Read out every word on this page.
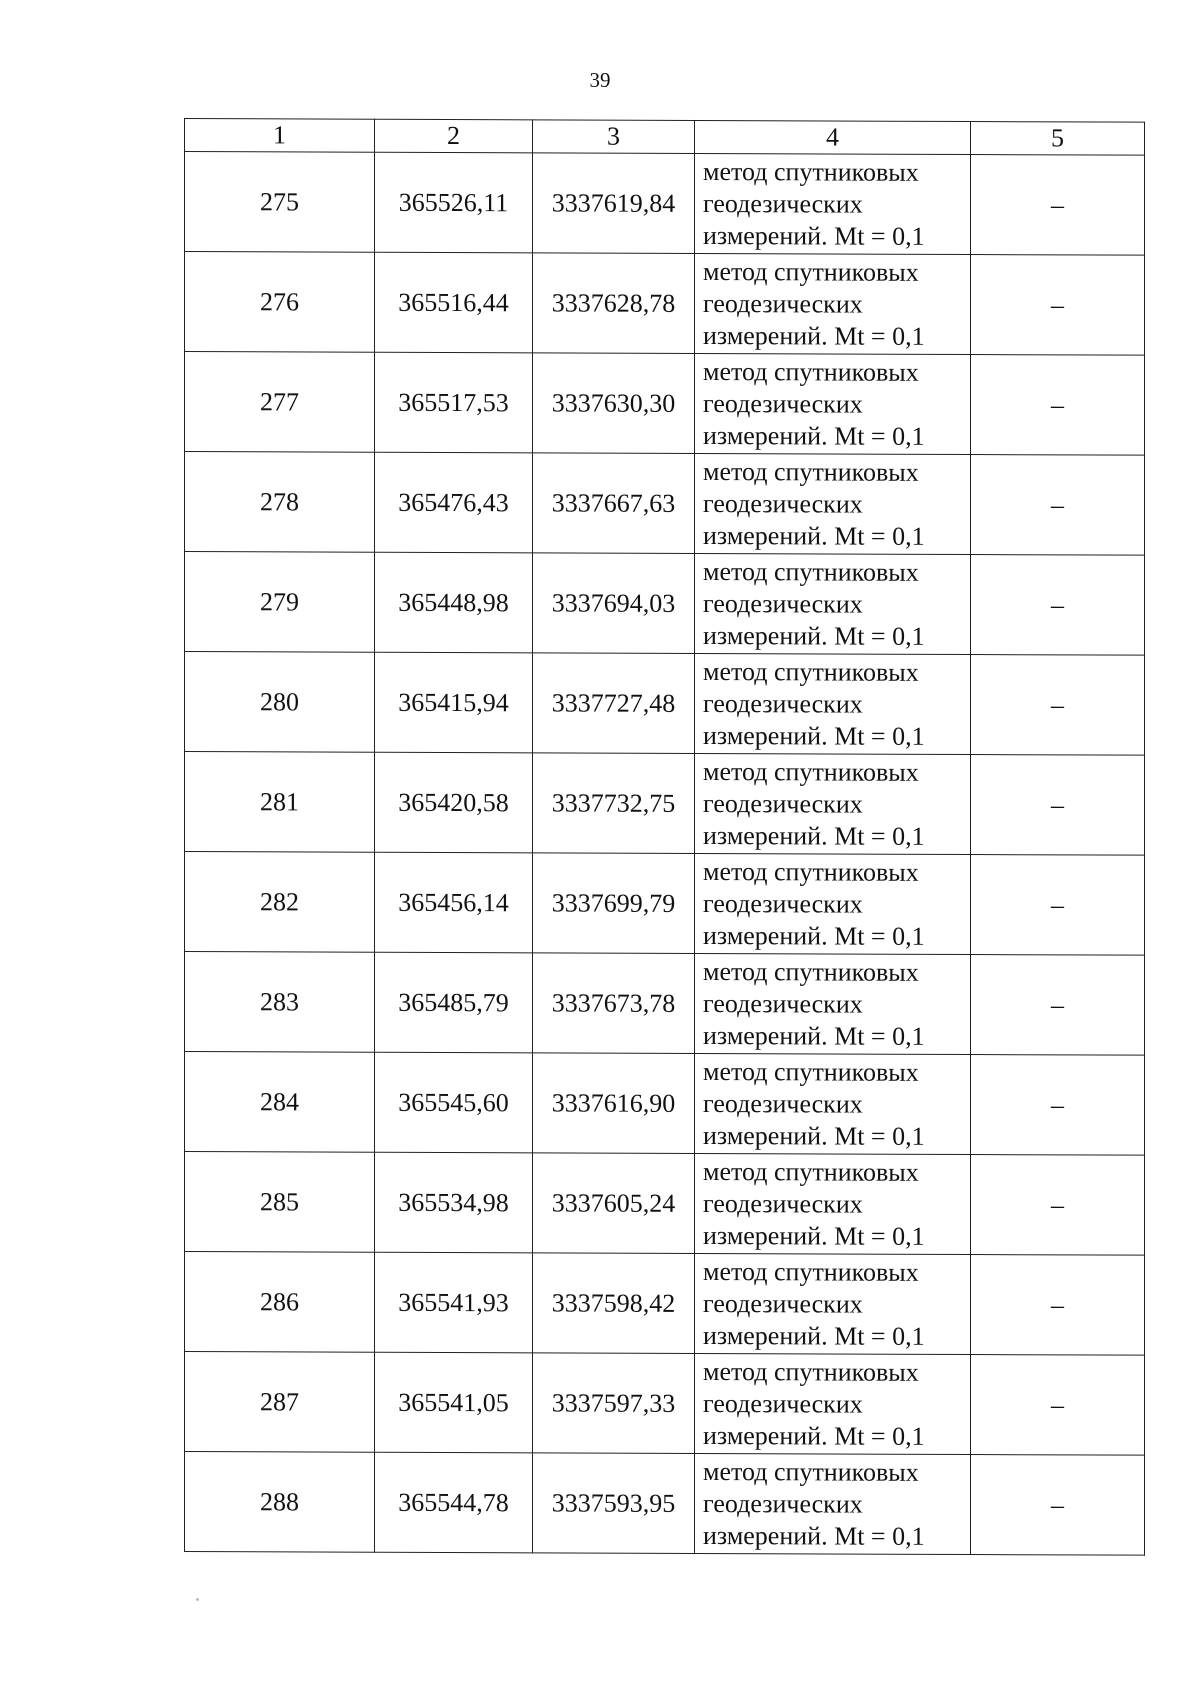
39
1	2	3	4	5
275	365526,11	3337619,84	метод спутниковых
геодезических
измерений. Mt = 0,1	–
276	365516,44	3337628,78	метод спутниковых
геодезических
измерений. Mt = 0,1	–
277	365517,53	3337630,30	метод спутниковых
геодезических
измерений. Mt = 0,1	–
278	365476,43	3337667,63	метод спутниковых
геодезических
измерений. Mt = 0,1	–
279	365448,98	3337694,03	метод спутниковых
геодезических
измерений. Mt = 0,1	–
280	365415,94	3337727,48	метод спутниковых
геодезических
измерений. Mt = 0,1	–
281	365420,58	3337732,75	метод спутниковых
геодезических
измерений. Mt = 0,1	–
282	365456,14	3337699,79	метод спутниковых
геодезических
измерений. Mt = 0,1	–
283	365485,79	3337673,78	метод спутниковых
геодезических
измерений. Mt = 0,1	–
284	365545,60	3337616,90	метод спутниковых
геодезических
измерений. Mt = 0,1	–
285	365534,98	3337605,24	метод спутниковых
геодезических
измерений. Mt = 0,1	–
286	365541,93	3337598,42	метод спутниковых
геодезических
измерений. Mt = 0,1	–
287	365541,05	3337597,33	метод спутниковых
геодезических
измерений. Mt = 0,1	–
288	365544,78	3337593,95	метод спутниковых
геодезических
измерений. Mt = 0,1	–
